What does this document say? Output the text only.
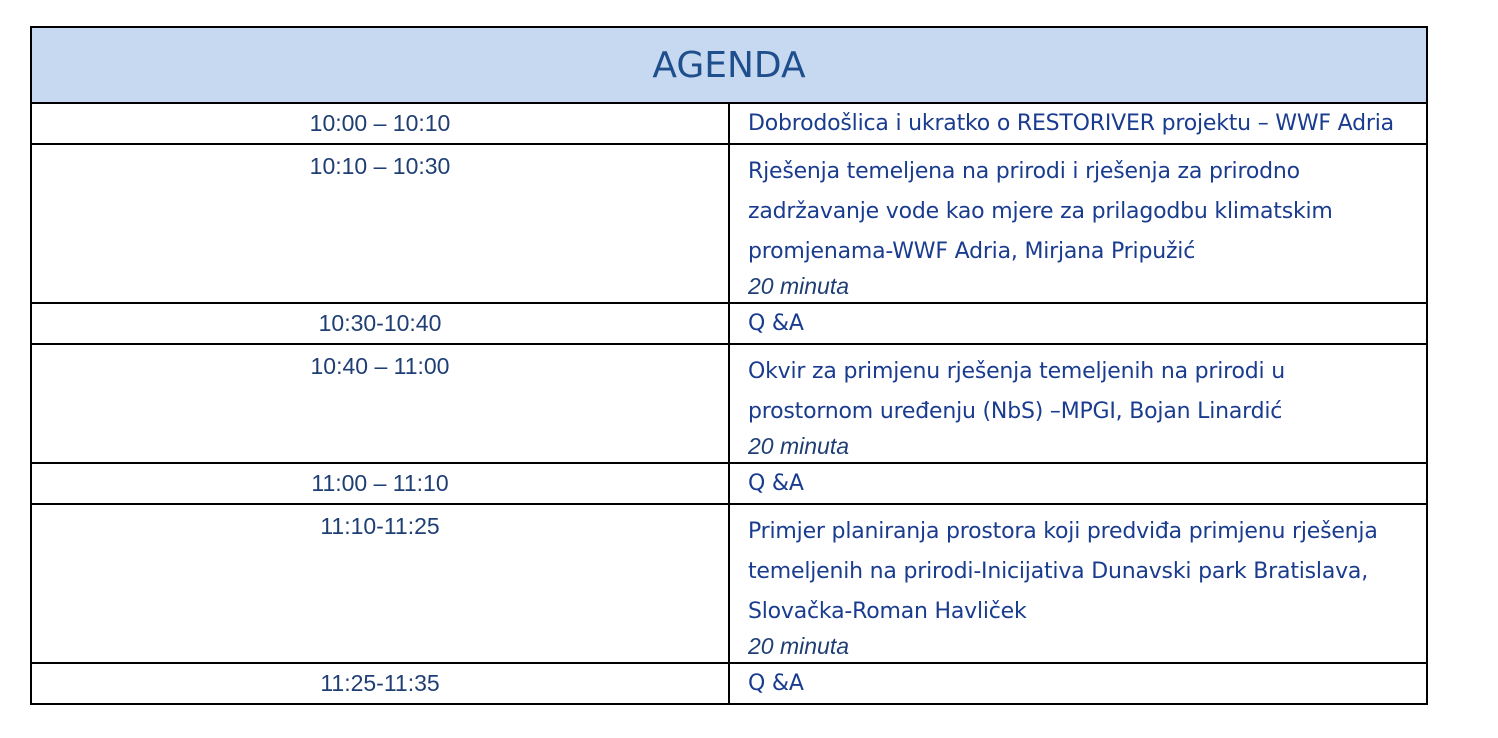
AGENDA	
10:00 – 10:10	Dobrodošlica i ukratko o RESTORIVER projektu – WWF Adria

10:10 – 10:30	Rješenja temeljena na prirodi i rješenja za prirodno zadržavanje vode kao mjere za prilagodbu klimatskim promjenama-WWF Adria, Mirjana Pripužić
20 minuta

10:30-10:40	Q &A

10:40 – 11:00	Okvir za primjenu rješenja temeljenih na prirodi u prostornom uređenju (NbS) –MPGI, Bojan Linardić
20 minuta

11:00 – 11:10	Q &A

11:10-11:25	Primjer planiranja prostora koji predviđa primjenu rješenja temeljenih na prirodi-Inicijativa Dunavski park Bratislava, Slovačka-Roman Havliček
20 minuta

11:25-11:35	Q &A
